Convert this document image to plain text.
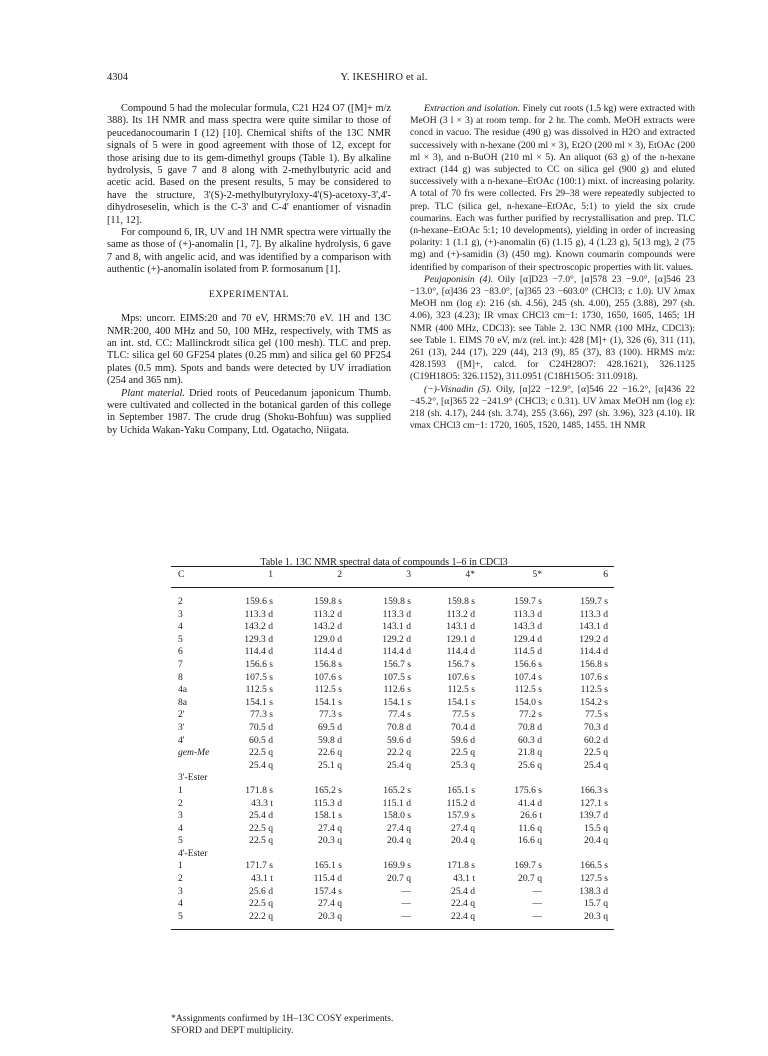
4304	Y. IKESHIRO et al.

Compound 5 had the molecular formula, C21 H24 O7 ([M]+ m/z 388). Its 1H NMR and mass spectra were quite similar to those of peucedanocoumarin I (12) [10]. Chemical shifts of the 13C NMR signals of 5 were in good agreement with those of 12, except for those arising due to its gem-dimethyl groups (Table 1). By alkaline hydrolysis, 5 gave 7 and 8 along with 2-methylbutyric acid and acetic acid. Based on the present results, 5 may be considered to have the structure, 3'(S)-2-methylbutyryloxy-4'(S)-acetoxy-3',4'-dihydroseselin, which is the C-3' and C-4' enantiomer of visnadin [11, 12].

For compound 6, IR, UV and 1H NMR spectra were virtually the same as those of (+)-anomalin [1, 7]. By alkaline hydrolysis, 6 gave 7 and 8, with angelic acid, and was identified by a comparison with authentic (+)-anomalin isolated from P. formosanum [1].

EXPERIMENTAL

Mps: uncorr. EIMS:20 and 70 eV, HRMS:70 eV. 1H and 13C NMR:200, 400 MHz and 50, 100 MHz, respectively, with TMS as an int. std. CC: Mallinckrodt silica gel (100 mesh). TLC and prep. TLC: silica gel 60 GF254 plates (0.25 mm) and silica gel 60 PF254 plates (0.5 mm). Spots and bands were detected by UV irradiation (254 and 365 nm).

Plant material. Dried roots of Peucedanum japonicum Thumb. were cultivated and collected in the botanical garden of this college in September 1987. The crude drug (Shoku-Bohfuu) was supplied by Uchida Wakan-Yaku Company, Ltd. Ogatacho, Niigata.

Extraction and isolation. Finely cut roots (1.5 kg) were extracted with MeOH (3 l × 3) at room temp. for 2 hr. The comb. MeOH extracts were concd in vacuo. The residue (490 g) was dissolved in H2O and extracted successively with n-hexane (200 ml × 3), Et2O (200 ml × 3), EtOAc (200 ml × 3), and n-BuOH (210 ml × 5). An aliquot (63 g) of the n-hexane extract (144 g) was subjected to CC on silica gel (900 g) and eluted successively with a n-hexane–EtOAc (100:1) mixt. of increasing polarity. A total of 70 frs were collected. Frs 29–38 were repeatedly subjected to prep. TLC (silica gel, n-hexane–EtOAc, 5:1) to yield the six crude coumarins. Each was further purified by recrystallisation and prep. TLC (n-hexane–EtOAc 5:1; 10 developments), yielding in order of increasing polarity: 1 (1.1 g), (+)-anomalin (6) (1.15 g), 4 (1.23 g), 5(13 mg), 2 (75 mg) and (+)-samidin (3) (450 mg). Known coumarin compounds were identified by comparison of their spectroscopic properties with lit. values.

Peujaponisin (4). Oily [α]D23 −7.0°, [α]578 23 −9.0°, [α]546 23 −13.0°, [α]436 23 −83.0°, [α]365 23 −603.0° (CHCl3; c 1.0). UV λmax MeOH nm (log ε): 216 (sh. 4.56), 245 (sh. 4.00), 255 (3.88), 297 (sh. 4.06), 323 (4.23); IR νmax CHCl3 cm−1: 1730, 1650, 1605, 1465; 1H NMR (400 MHz, CDCl3): see Table 2. 13C NMR (100 MHz, CDCl3): see Table 1. EIMS 70 eV, m/z (rel. int.): 428 [M]+ (1), 326 (6), 311 (11), 261 (13), 244 (17), 229 (44), 213 (9), 85 (37), 83 (100). HRMS m/z: 428.1593 ([M]+, calcd. for C24H28O7: 428.1621), 326.1125 (C19H18O5: 326.1152), 311.0951 (C18H15O5: 311.0918).

(−)-Visnadin (5). Oily, [α]22 −12.9°, [α]546 22 −16.2°, [α]436 22 −45.2°, [α]365 22 −241.9° (CHCl3; c 0.31). UV λmax MeOH nm (log ε): 218 (sh. 4.17), 244 (sh. 3.74), 255 (3.66), 297 (sh. 3.96), 323 (4.10). IR νmax CHCl3 cm−1: 1720, 1605, 1520, 1485, 1455. 1H NMR

Table 1. 13C NMR spectral data of compounds 1–6 in CDCl3
C	1	2	3	4*	5*	6
2	159.6 s	159.8 s	159.8 s	159.8 s	159.7 s	159.7 s
3	113.3 d	113.2 d	113.3 d	113.2 d	113.3 d	113.3 d
4	143.2 d	143.2 d	143.1 d	143.1 d	143.3 d	143.1 d
5	129.3 d	129.0 d	129.2 d	129.1 d	129.4 d	129.2 d
6	114.4 d	114.4 d	114.4 d	114.4 d	114.5 d	114.4 d
7	156.6 s	156.8 s	156.7 s	156.7 s	156.6 s	156.8 s
8	107.5 s	107.6 s	107.5 s	107.6 s	107.4 s	107.6 s
4a	112.5 s	112.5 s	112.6 s	112.5 s	112.5 s	112.5 s
8a	154.1 s	154.1 s	154.1 s	154.1 s	154.0 s	154.2 s
2'	77.3 s	77.3 s	77.4 s	77.5 s	77.2 s	77.5 s
3'	70.5 d	69.5 d	70.8 d	70.4 d	70.8 d	70.3 d
4'	60.5 d	59.8 d	59.6 d	59.6 d	60.3 d	60.2 d
gem-Me	22.5 q	22.6 q	22.2 q	22.5 q	21.8 q	22.5 q
25.4 q	25.1 q	25.4 q	25.3 q	25.6 q	25.4 q
3'-Ester
1	171.8 s	165.2 s	165.2 s	165.1 s	175.6 s	166.3 s
2	43.3 t	115.3 d	115.1 d	115.2 d	41.4 d	127.1 s
3	25.4 d	158.1 s	158.0 s	157.9 s	26.6 t	139.7 d
4	22.5 q	27.4 q	27.4 q	27.4 q	11.6 q	15.5 q
5	22.5 q	20.3 q	20.4 q	20.4 q	16.6 q	20.4 q
4'-Ester
1	171.7 s	165.1 s	169.9 s	171.8 s	169.7 s	166.5 s
2	43.1 t	115.4 d	20.7 q	43.1 t	20.7 q	127.5 s
3	25.6 d	157.4 s	—	25.4 d	—	138.3 d
4	22.5 q	27.4 q	—	22.4 q	—	15.7 q
5	22.2 q	20.3 q	—	22.4 q	—	20.3 q
*Assignments confirmed by 1H–13C COSY experiments.
SFORD and DEPT multiplicity.
